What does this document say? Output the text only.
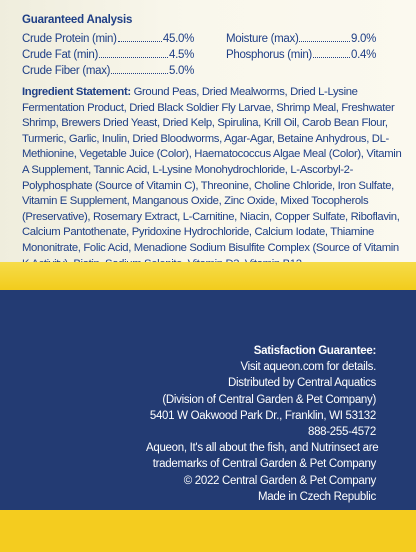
Guaranteed Analysis
Crude Protein (min)	45.0%
Crude Fat (min)	4.5%
Crude Fiber (max)	5.0%
Moisture (max)	9.0%
Phosphorus (min)	0.4%
Ingredient Statement: Ground Peas, Dried Mealworms, Dried L-Lysine Fermentation Product, Dried Black Soldier Fly Larvae, Shrimp Meal, Freshwater Shrimp, Brewers Dried Yeast, Dried Kelp, Spirulina, Krill Oil, Carob Bean Flour, Turmeric, Garlic, Inulin, Dried Bloodworms, Agar-Agar, Betaine Anhydrous, DL-Methionine, Vegetable Juice (Color), Haematococcus Algae Meal (Color), Vitamin A Supplement, Tannic Acid, L-Lysine Monohydrochloride, L-Ascorbyl-2-Polyphosphate (Source of Vitamin C), Threonine, Choline Chloride, Iron Sulfate, Vitamin E Supplement, Manganous Oxide, Zinc Oxide, Mixed Tocopherols (Preservative), Rosemary Extract, L-Carnitine, Niacin, Copper Sulfate, Riboflavin, Calcium Pantothenate, Pyridoxine Hydrochloride, Calcium Iodate, Thiamine Mononitrate, Folic Acid, Menadione Sodium Bisulfite Complex (Source of Vitamin
Satisfaction Guarantee:
Visit aqueon.com for details.
Distributed by Central Aquatics
(Division of Central Garden & Pet Company)
5401 W Oakwood Park Dr., Franklin, WI 53132
888-255-4572
Aqueon, It's all about the fish, and Nutrinsect are
trademarks of Central Garden & Pet Company
© 2022 Central Garden & Pet Company
Made in Czech Republic
